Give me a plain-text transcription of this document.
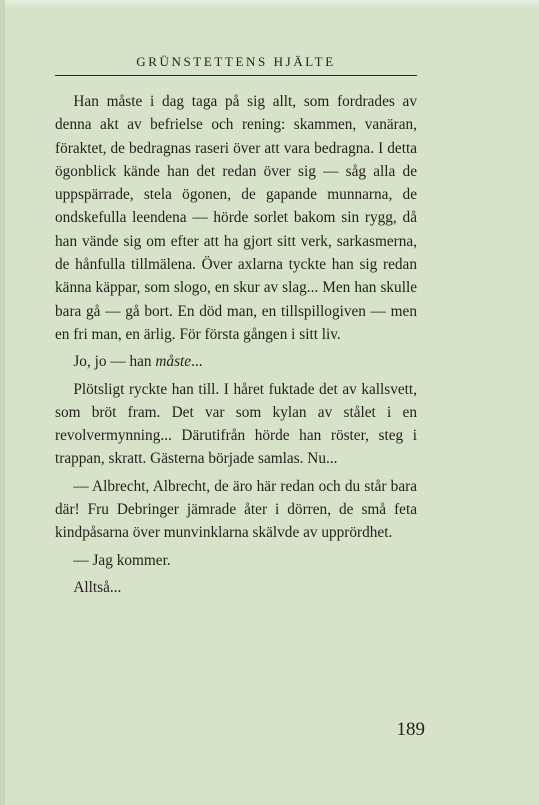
GRÜNSTETTENS HJÄLTE

Han måste i dag taga på sig allt, som fordrades av denna akt av befrielse och rening: skammen, vanäran, föraktet, de bedragnas raseri över att vara bedragna. I detta ögonblick kände han det redan över sig — såg alla de uppspärrade, stela ögonen, de gapande munnarna, de ondskefulla leendena — hörde sorlet bakom sin rygg, då han vände sig om efter att ha gjort sitt verk, sarkasmerna, de hånfulla tillmälena. Över axlarna tyckte han sig redan känna käppar, som slogo, en skur av slag... Men han skulle bara gå — gå bort. En död man, en tillspillogiven — men en fri man, en ärlig. För första gången i sitt liv.

Jo, jo — han måste...

Plötsligt ryckte han till. I håret fuktade det av kallsvett, som bröt fram. Det var som kylan av stålet i en revolvermynning... Därutifrån hörde han röster, steg i trappan, skratt. Gästerna började samlas. Nu...

— Albrecht, Albrecht, de äro här redan och du står bara där! Fru Debringer jämrade åter i dörren, de små feta kindpåsarna över munvinklarna skälvde av upprördhet.

— Jag kommer.

Alltså...

189
